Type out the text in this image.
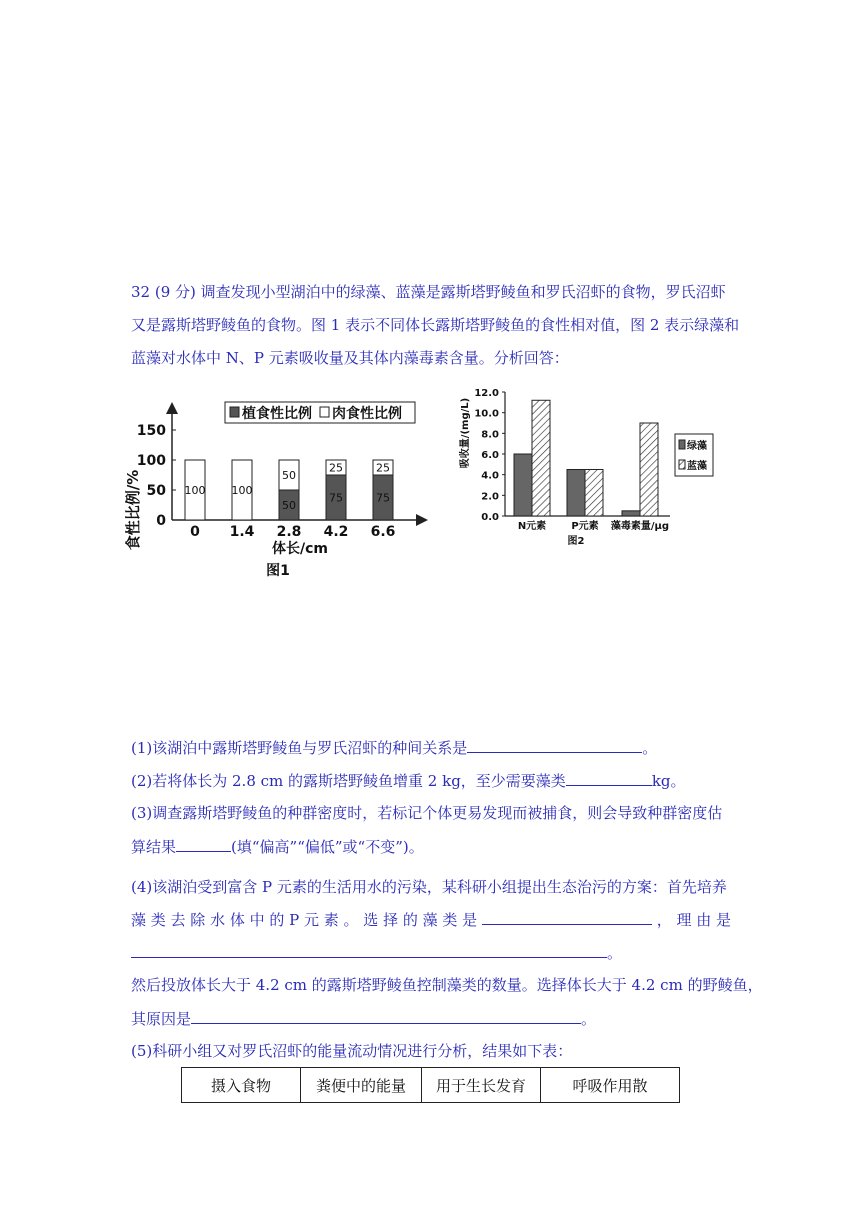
32 (9 分) 调查发现小型湖泊中的绿藻、蓝藻是露斯塔野鲮鱼和罗氏沼虾的食物，罗氏沼虾
又是露斯塔野鲮鱼的食物。图 1 表示不同体长露斯塔野鲮鱼的食性相对值，图 2 表示绿藻和
蓝藻对水体中 N、P 元素吸收量及其体内藻毒素含量。分析回答：
食性比例/% 0
50
100
150
100 100
50
50
75
25
75
25
0 1.4 2.8 4.2 6.6
植食性比例 肉食性比例
体长/cm
图1
吸收量/(mg/L)
0.0
2.0
4.0
6.0
8.0
10.0
12.0
N元素	P元素 藻毒素量/μg
绿藻
蓝藻
图2
(1)该湖泊中露斯塔野鲮鱼与罗氏沼虾的种间关系是	。
(2)若将体长为 2.8 cm 的露斯塔野鲮鱼增重 2 kg，至少需要藻类	kg。
(3)调查露斯塔野鲮鱼的种群密度时，若标记个体更易发现而被捕食，则会导致种群密度估
算结果	(填“偏高”“偏低”或“不变”)。
(4)该湖泊受到富含 P 元素的生活用水的污染，某科研小组提出生态治污的方案：首先培养
藻 类 去 除 水 体 中 的 P 元 素 。 选 择 的 藻 类 是	， 理 由 是
。
然后投放体长大于 4.2 cm 的露斯塔野鲮鱼控制藻类的数量。选择体长大于 4.2 cm 的野鲮鱼，
其原因是	。
(5)科研小组又对罗氏沼虾的能量流动情况进行分析，结果如下表：
摄入食物	粪便中的能量	用于生长发育	呼吸作用散
